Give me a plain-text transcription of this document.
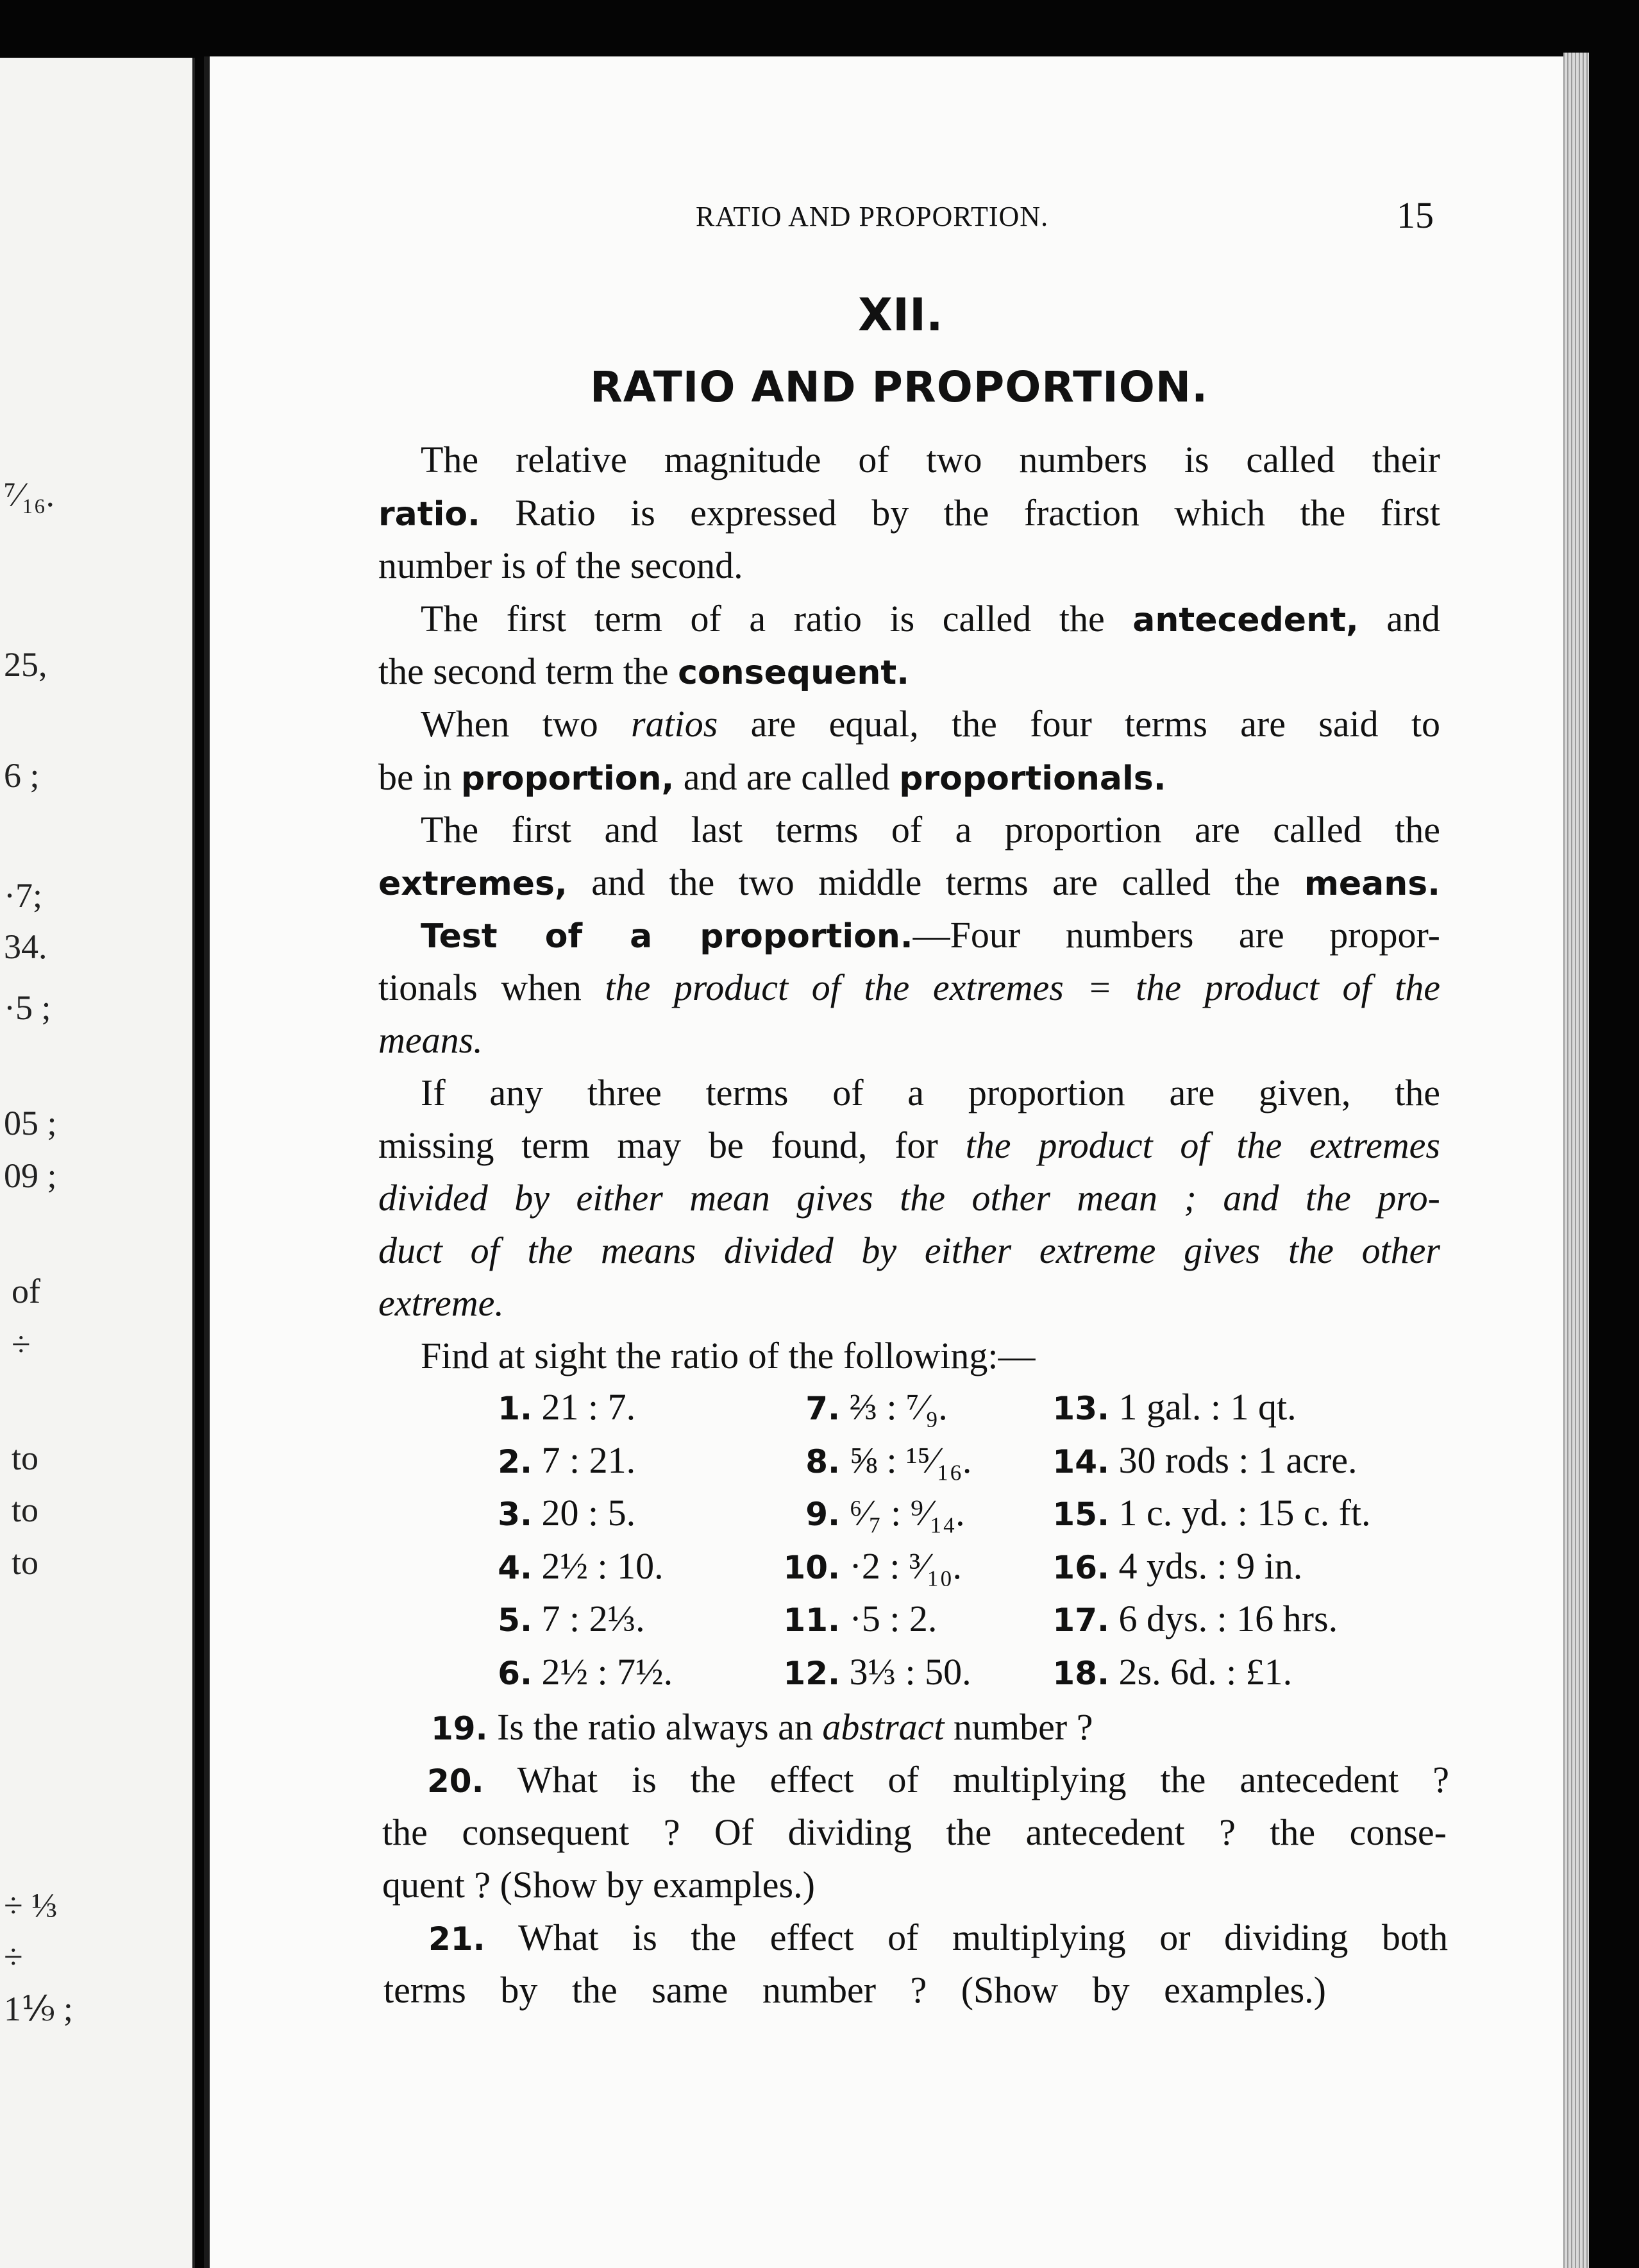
⁷⁄₁₆.
25,
6 ;
·7;
34.
·5 ;
05 ;
09 ;
of
÷
to
to
to
÷ ⅓
÷
1⅑ ;
RATIO AND PROPORTION.	15
XII.
RATIO AND PROPORTION.
The relative magnitude of two numbers is called their
ratio. Ratio is expressed by the fraction which the first
number is of the second.
The first term of a ratio is called the antecedent, and
the second term the consequent.
When two ratios are equal, the four terms are said to
be in proportion, and are called proportionals.
The first and last terms of a proportion are called the
extremes, and the two middle terms are called the means.
Test of a proportion.—Four numbers are propor-
tionals when the product of the extremes = the product of the
means.
If any three terms of a proportion are given, the
missing term may be found, for the product of the extremes
divided by either mean gives the other mean ; and the pro-
duct of the means divided by either extreme gives the other
extreme.
Find at sight the ratio of the following:—
1. 21 : 7.
2. 7 : 21.
3. 20 : 5.
4. 2½ : 10.
5. 7 : 2⅓.
6. 2½ : 7½.
7. ⅔ : ⁷⁄₉.
8. ⅝ : ¹⁵⁄₁₆.
9. ⁶⁄₇ : ⁹⁄₁₄.
10. ·2 : ³⁄₁₀.
11. ·5 : 2.
12. 3⅓ : 50.
13. 1 gal. : 1 qt.
14. 30 rods : 1 acre.
15. 1 c. yd. : 15 c. ft.
16. 4 yds. : 9 in.
17. 6 dys. : 16 hrs.
18. 2s. 6d. : £1.
19. Is the ratio always an abstract number ?
20. What is the effect of multiplying the antecedent ?
the consequent ? Of dividing the antecedent ? the conse-
quent ? (Show by examples.)
21. What is the effect of multiplying or dividing both
terms by the same number ? (Show by examples.)
